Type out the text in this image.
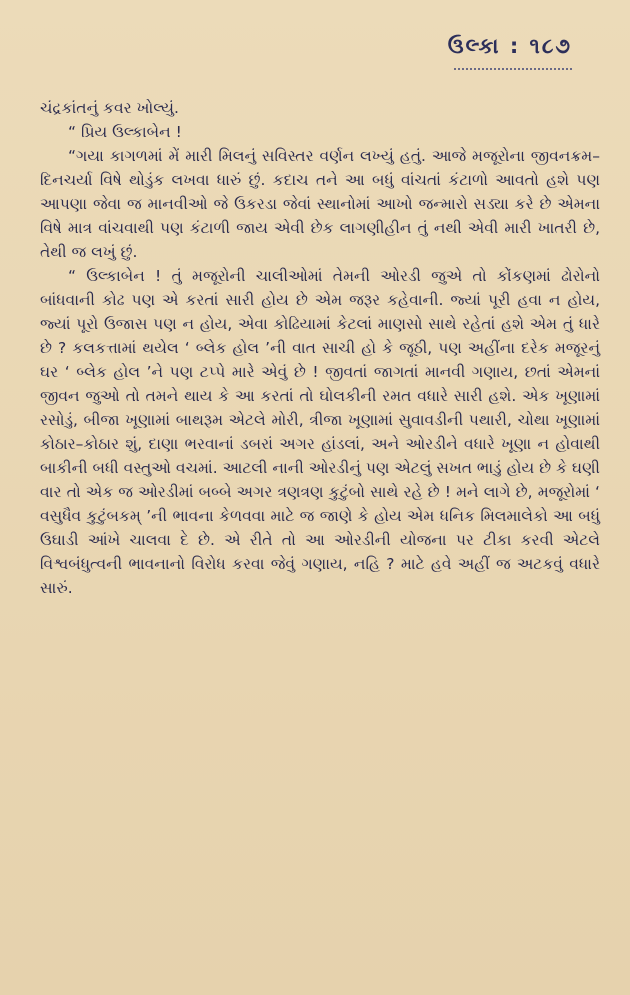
ઉલ્કા : ૧૮૭

ચંદ્રકાંતનું કવર ખોલ્યું.

“ પ્રિય ઉલ્કાબેન !

“ગયા કાગળમાં મેં મારી મિલનું સવિસ્તર વર્ણન લખ્યું હતું. આજે મજૂરોના જીવનક્રમ–દિનચર્યા વિષે થોડુંક લખવા ધારું છું. કદાચ તને આ બધું વાંચતાં કંટાળો આવતો હશે પણ આપણા જેવા જ માનવીઓ જે ઉકરડા જેવાં સ્થાનોમાં આખો જન્મારો સડ્યા કરે છે એમના વિષે માત્ર વાંચવાથી પણ કંટાળી જાય એવી છેક લાગણીહીન તું નથી એવી મારી ખાતરી છે, તેથી જ લખું છું.

“ ઉલ્કાબેન ! તું મજૂરોની ચાલીઓમાં તેમની ઓરડી જુએ તો કોંકણમાં ઢોરોનો બાંધવાની કોઢ પણ એ કરતાં સારી હોય છે એમ જરૂર કહેવાની. જ્યાં પૂરી હવા ન હોય, જ્યાં પૂરો ઉજાસ પણ ન હોય, એવા કોઢિયામાં કેટલાં માણસો સાથે રહેતાં હશે એમ તું ધારે છે ? કલકત્તામાં થયેલ ‘ બ્લેક હોલ ’ની વાત સાચી હો કે જૂઠી, પણ અહીંના દરેક મજૂરનું ઘર ‘ બ્લેક હોલ ’ને પણ ટપ્પે મારે એવું છે ! જીવતાં જાગતાં માનવી ગણાય, છતાં એમનાં જીવન જુઓ તો તમને થાય કે આ કરતાં તો ઘોલકીની રમત વધારે સારી હશે. એક ખૂણામાં રસોડું, બીજા ખૂણામાં બાથરૂમ એટલે મોરી, ત્રીજા ખૂણામાં સુવાવડીની પથારી, ચોથા ખૂણામાં કોઠાર–કોઠાર શું, દાણા ભરવાનાં ડબરાં અગર હાંડલાં, અને ઓરડીને વધારે ખૂણા ન હોવાથી બાકીની બધી વસ્તુઓ વચમાં. આટલી નાની ઓરડીનું પણ એટલું સખત ભાડું હોય છે કે ઘણી વાર તો એક જ ઓરડીમાં બબ્બે અગર ત્રણત્રણ કુટુંબો સાથે રહે છે ! મને લાગે છે, મજૂરોમાં ‘ વસુધૈવ કુટુંબકમ્ ’ની ભાવના કેળવવા માટે જ જાણે કે હોય એમ ધનિક મિલમાલેકો આ બધું ઉઘાડી આંખે ચાલવા દે છે. એ રીતે તો આ ઓરડીની યોજના પર ટીકા કરવી એટલે વિશ્વબંધુત્વની ભાવનાનો વિરોધ કરવા જેવું ગણાય, નહિ ? માટે હવે અહીં જ અટકવું વધારે સારું.
